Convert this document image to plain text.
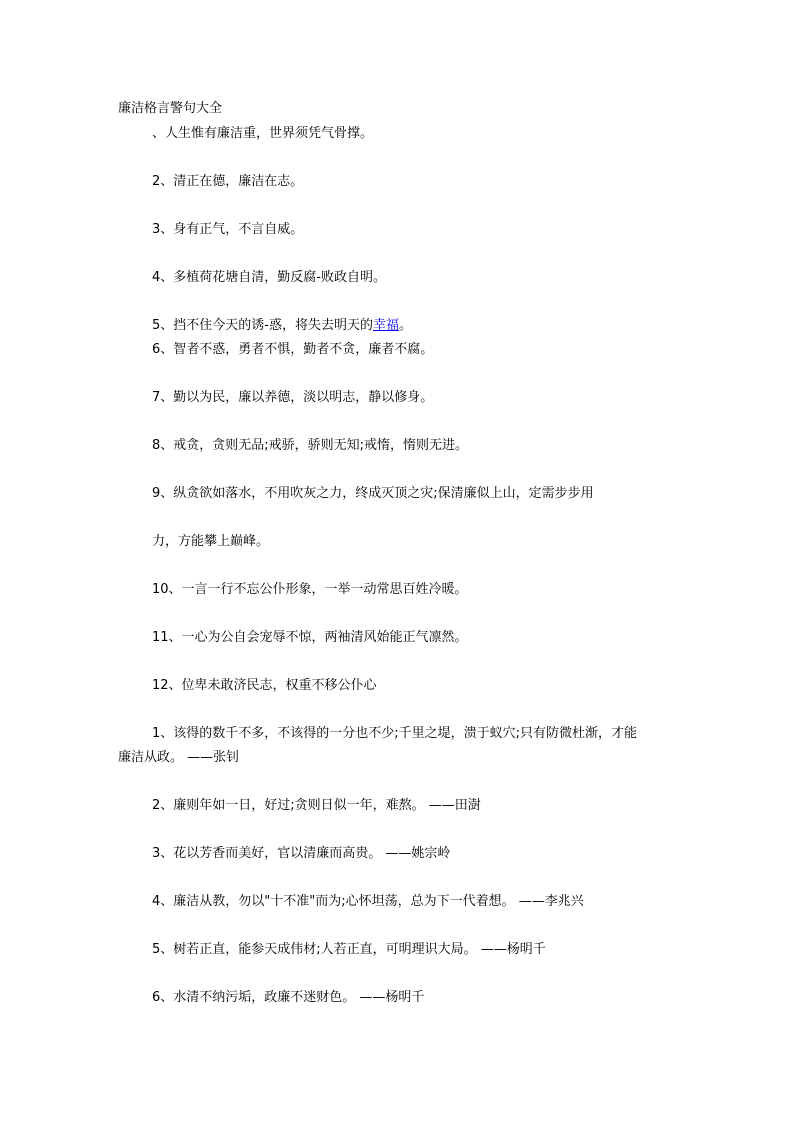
廉洁格言警句大全
、人生惟有廉洁重，世界须凭气骨撑。
2、清正在德，廉洁在志。
3、身有正气，不言自威。
4、多植荷花塘自清，勤反腐-败政自明。
5、挡不住今天的诱-惑，将失去明天的幸福。
6、智者不惑，勇者不惧，勤者不贪，廉者不腐。
7、勤以为民，廉以养德，淡以明志，静以修身。
8、戒贪，贪则无品;戒骄，骄则无知;戒惰，惰则无进。
9、纵贪欲如落水，不用吹灰之力，终成灭顶之灾;保清廉似上山，定需步步用
力，方能攀上巅峰。
10、一言一行不忘公仆形象，一举一动常思百姓冷暖。
11、一心为公自会宠辱不惊，两袖清风始能正气凛然。
12、位卑未敢济民志，权重不移公仆心
1、该得的数千不多，不该得的一分也不少;千里之堤，溃于蚁穴;只有防微杜渐，才能
廉洁从政。 ——张钊
2、廉则年如一日，好过;贪则日似一年，难熬。 ——田澍
3、花以芳香而美好，官以清廉而高贵。 ——姚宗岭
4、廉洁从教，勿以"十不准"而为;心怀坦荡，总为下一代着想。 ——李兆兴
5、树若正直，能参天成伟材;人若正直，可明理识大局。 ——杨明千
6、水清不纳污垢，政廉不迷财色。 ——杨明千
